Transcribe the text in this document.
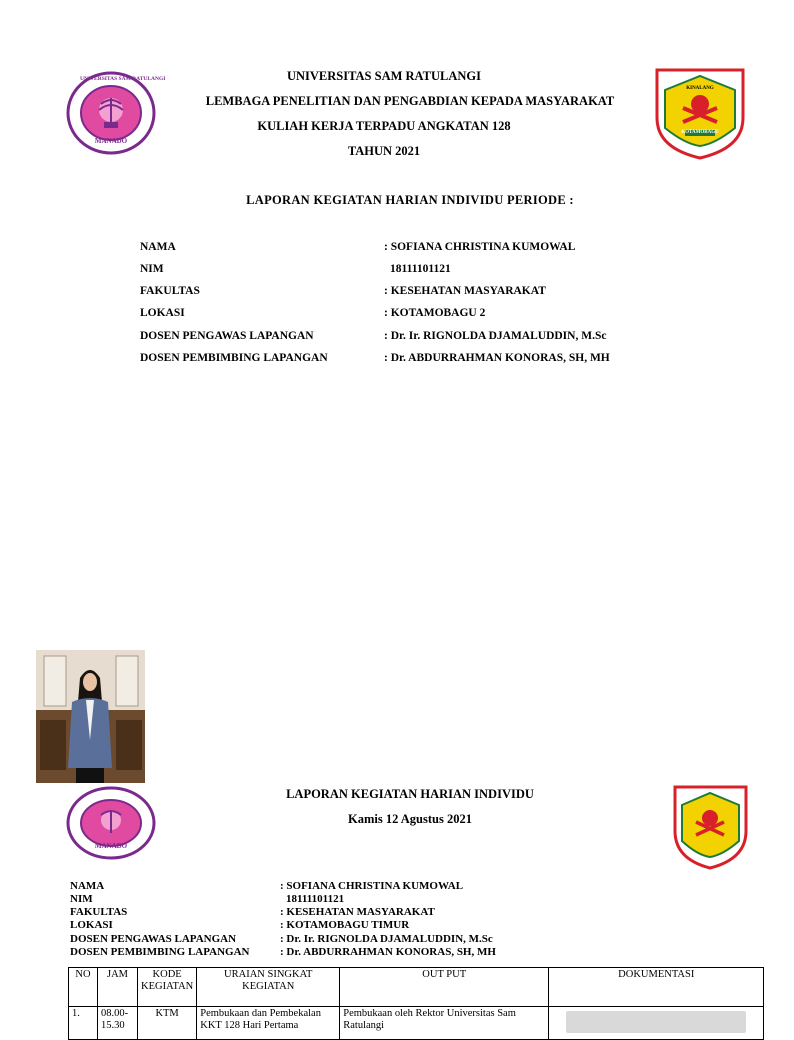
UNIVERSITAS SAM RATULANGI
MANADO
KINALANG
KOTAMOBAGU
UNIVERSITAS SAM RATULANGI
LEMBAGA PENELITIAN DAN PENGABDIAN KEPADA MASYARAKAT
KULIAH KERJA TERPADU ANGKATAN 128
TAHUN 2021
LAPORAN KEGIATAN HARIAN INDIVIDU PERIODE :
NAMA	: SOFIANA CHRISTINA KUMOWAL
NIM	18111101121
FAKULTAS	: KESEHATAN MASYARAKAT
LOKASI	: KOTAMOBAGU 2
DOSEN PENGAWAS LAPANGAN	: Dr. Ir. RIGNOLDA DJAMALUDDIN, M.Sc
DOSEN PEMBIMBING LAPANGAN	: Dr. ABDURRAHMAN KONORAS, SH, MH
MANADO
LAPORAN KEGIATAN HARIAN INDIVIDU
Kamis 12 Agustus 2021
NAMA	: SOFIANA CHRISTINA KUMOWAL
NIM	18111101121
FAKULTAS	: KESEHATAN MASYARAKAT
LOKASI	: KOTAMOBAGU TIMUR
DOSEN PENGAWAS LAPANGAN	: Dr. Ir. RIGNOLDA DJAMALUDDIN, M.Sc
DOSEN PEMBIMBING LAPANGAN	: Dr. ABDURRAHMAN KONORAS, SH, MH
NO	JAM	KODE KEGIATAN	URAIAN SINGKAT KEGIATAN	OUT PUT	DOKUMENTASI
1.	08.00-15.30	KTM	Pembukaan dan Pembekalan KKT 128 Hari Pertama	Pembukaan oleh Rektor Universitas Sam Ratulangi	
